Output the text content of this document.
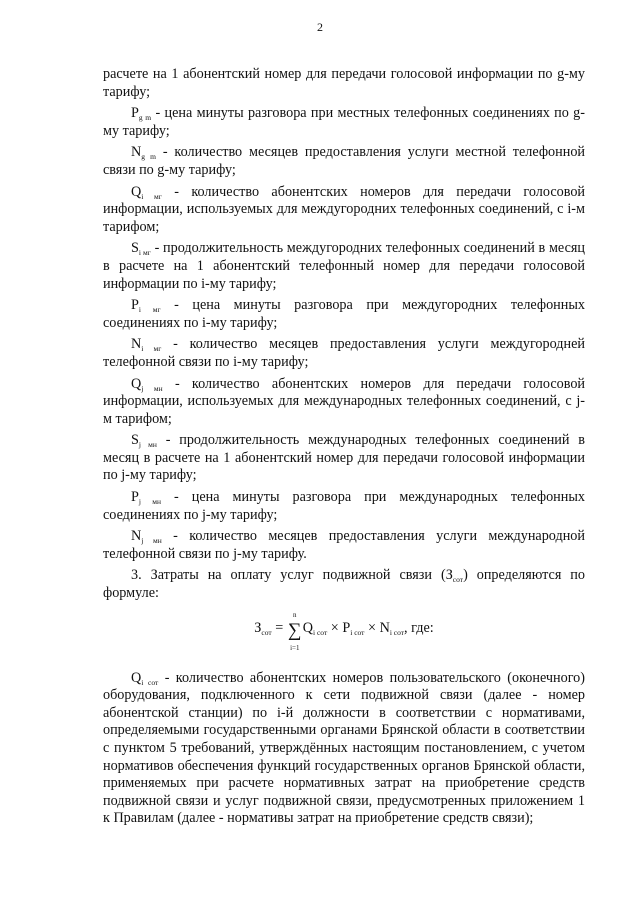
2

расчете на 1 абонентский номер для передачи голосовой информации по g-му тарифу;

$P_{g m}$ - цена минуты разговора при местных телефонных соединениях по g-му тарифу;

$N_{g m}$ - количество месяцев предоставления услуги местной телефонной связи по g-му тарифу;

$Q_{i мг}$ - количество абонентских номеров для передачи голосовой информации, используемых для междугородних телефонных соединений, с i-м тарифом;

$S_{i мг}$ - продолжительность междугородних телефонных соединений в месяц в расчете на 1 абонентский телефонный номер для передачи голосовой информации по i-му тарифу;

$P_{i мг}$ - цена минуты разговора при междугородних телефонных соединениях по i-му тарифу;

$N_{i мг}$ - количество месяцев предоставления услуги междугородней телефонной связи по i-му тарифу;

$Q_{j мн}$ - количество абонентских номеров для передачи голосовой информации, используемых для международных телефонных соединений, с j-м тарифом;

$S_{j мн}$ - продолжительность международных телефонных соединений в месяц в расчете на 1 абонентский номер для передачи голосовой информации по j-му тарифу;

$P_{j мн}$ - цена минуты разговора при международных телефонных соединениях по j-му тарифу;

$N_{j мн}$ - количество месяцев предоставления услуги международной телефонной связи по j-му тарифу.

3. Затраты на оплату услуг подвижной связи $(З_{сот})$ определяются по формуле:

$З_{сот}$ =
n
∑
i=1
$Q_{i сот} \times P_{i сот} \times N_{i сот}$, где:

$Q_{i сот}$ - количество абонентских номеров пользовательского (оконечного) оборудования, подключенного к сети подвижной связи (далее - номер абонентской станции) по i-й должности в соответствии с нормативами, определяемыми государственными органами Брянской области в соответствии с пунктом 5 требований, утверждённых настоящим постановлением, с учетом нормативов обеспечения функций государственных органов Брянской области, применяемых при расчете нормативных затрат на приобретение средств подвижной связи и услуг подвижной связи, предусмотренных приложением 1 к Правилам (далее - нормативы затрат на приобретение средств связи);
